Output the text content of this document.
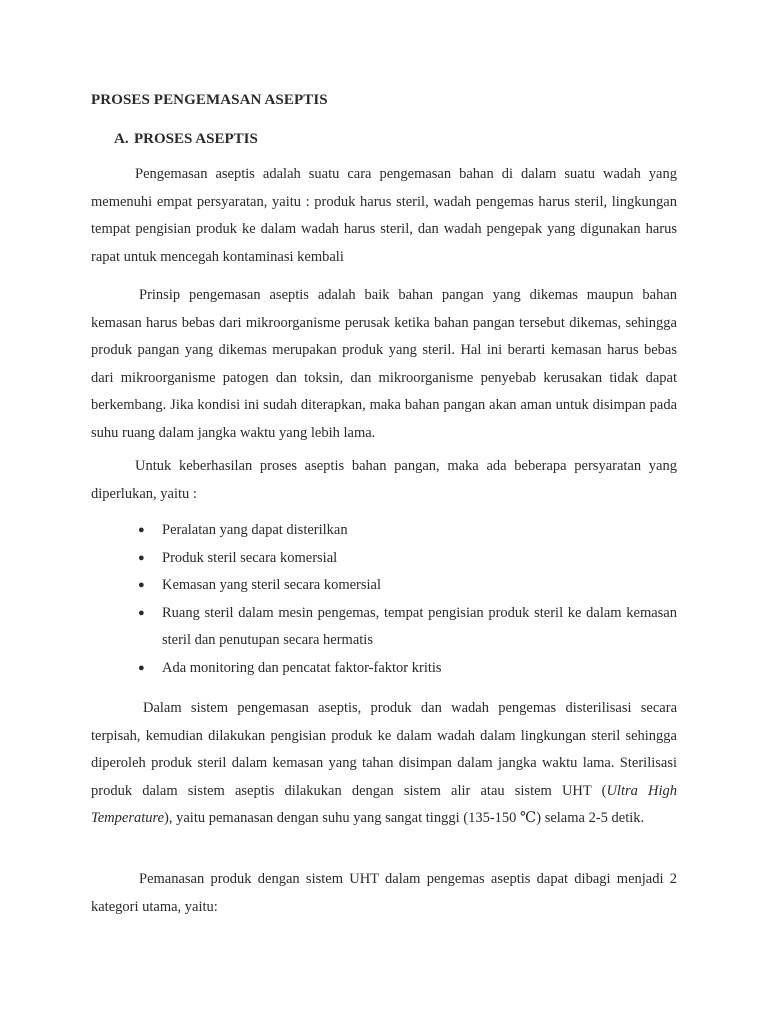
PROSES PENGEMASAN ASEPTIS
A. PROSES ASEPTIS

Pengemasan aseptis adalah suatu cara pengemasan bahan di dalam suatu wadah yang memenuhi empat persyaratan, yaitu : produk harus steril, wadah pengemas harus steril, lingkungan tempat pengisian produk ke dalam wadah harus steril, dan wadah pengepak yang digunakan harus rapat untuk mencegah kontaminasi kembali

Prinsip pengemasan aseptis adalah baik bahan pangan yang dikemas maupun bahan kemasan harus bebas dari mikroorganisme perusak ketika bahan pangan tersebut dikemas, sehingga produk pangan yang dikemas merupakan produk yang steril. Hal ini berarti kemasan harus bebas dari mikroorganisme patogen dan toksin, dan mikroorganisme penyebab kerusakan tidak dapat berkembang. Jika kondisi ini sudah diterapkan, maka bahan pangan akan aman untuk disimpan pada suhu ruang dalam jangka waktu yang lebih lama.

Untuk keberhasilan proses aseptis bahan pangan, maka ada beberapa persyaratan yang diperlukan, yaitu :

● Peralatan yang dapat disterilkan
● Produk steril secara komersial
● Kemasan yang steril secara komersial
● Ruang steril dalam mesin pengemas, tempat pengisian produk steril ke dalam kemasan steril dan penutupan secara hermatis
● Ada monitoring dan pencatat faktor-faktor kritis

Dalam sistem pengemasan aseptis, produk dan wadah pengemas disterilisasi secara terpisah, kemudian dilakukan pengisian produk ke dalam wadah dalam lingkungan steril sehingga diperoleh produk steril dalam kemasan yang tahan disimpan dalam jangka waktu lama. Sterilisasi produk dalam sistem aseptis dilakukan dengan sistem alir atau sistem UHT (Ultra High Temperature), yaitu pemanasan dengan suhu yang sangat tinggi (135-150 ℃) selama 2-5 detik.

Pemanasan produk dengan sistem UHT dalam pengemas aseptis dapat dibagi menjadi 2 kategori utama, yaitu:
